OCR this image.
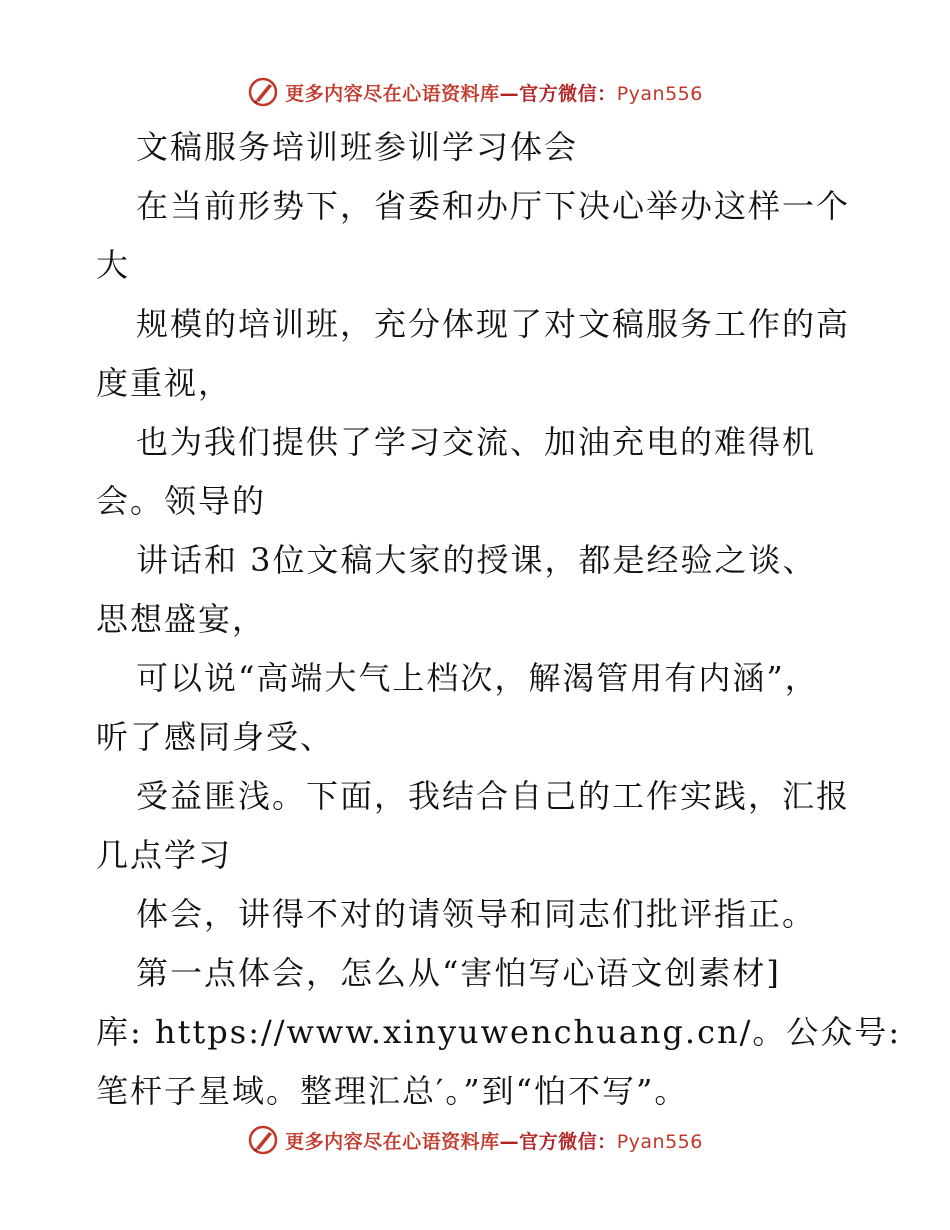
更多内容尽在心语资料库—官方微信：Pyan556
文稿服务培训班参训学习体会
在当前形势下，省委和办厅下决心举办这样一个
大
规模的培训班，充分体现了对文稿服务工作的高
度重视，
也为我们提供了学习交流、加油充电的难得机
会。领导的
讲话和 3位文稿大家的授课，都是经验之谈、
思想盛宴，
可以说“高端大气上档次，解渴管用有内涵”，
听了感同身受、
受益匪浅。下面，我结合自己的工作实践，汇报
几点学习
体会，讲得不对的请领导和同志们批评指正。
第一点体会，怎么从“害怕写心语文创素材]
库: https://www.xinyuwenchuang.cn/。公众号:
笔杆子星域。整理汇总′。”到“怕不写”。
更多内容尽在心语资料库—官方微信：Pyan556
